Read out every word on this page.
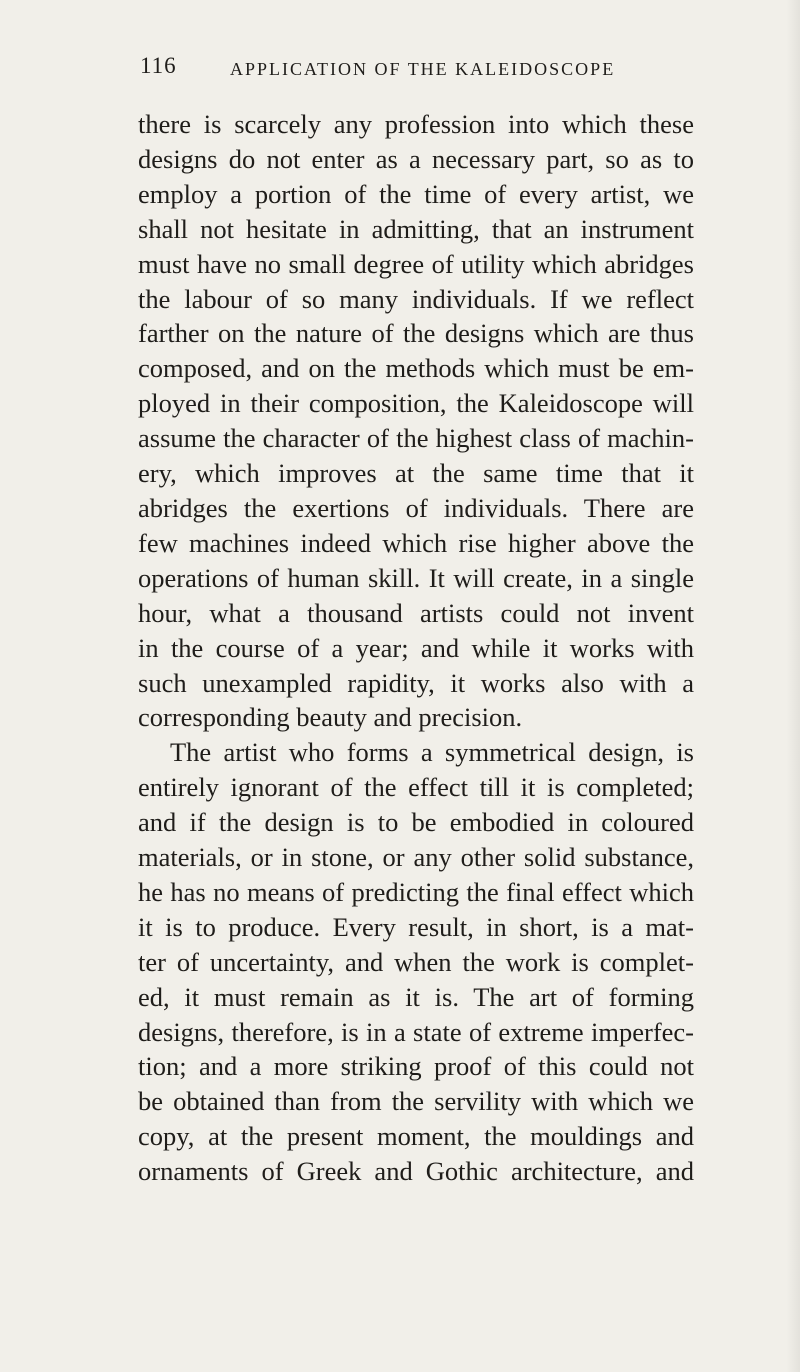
116	APPLICATION OF THE KALEIDOSCOPE
there is scarcely any profession into which these
designs do not enter as a necessary part, so as to
employ a portion of the time of every artist, we
shall not hesitate in admitting, that an instrument
must have no small degree of utility which abridges
the labour of so many individuals. If we reflect
farther on the nature of the designs which are thus
composed, and on the methods which must be em-
ployed in their composition, the Kaleidoscope will
assume the character of the highest class of machin-
ery, which improves at the same time that it
abridges the exertions of individuals. There are
few machines indeed which rise higher above the
operations of human skill. It will create, in a single
hour, what a thousand artists could not invent
in the course of a year; and while it works with
such unexampled rapidity, it works also with a
corresponding beauty and precision.
The artist who forms a symmetrical design, is
entirely ignorant of the effect till it is completed;
and if the design is to be embodied in coloured
materials, or in stone, or any other solid substance,
he has no means of predicting the final effect which
it is to produce. Every result, in short, is a mat-
ter of uncertainty, and when the work is complet-
ed, it must remain as it is. The art of forming
designs, therefore, is in a state of extreme imperfec-
tion; and a more striking proof of this could not
be obtained than from the servility with which we
copy, at the present moment, the mouldings and
ornaments of Greek and Gothic architecture, and
